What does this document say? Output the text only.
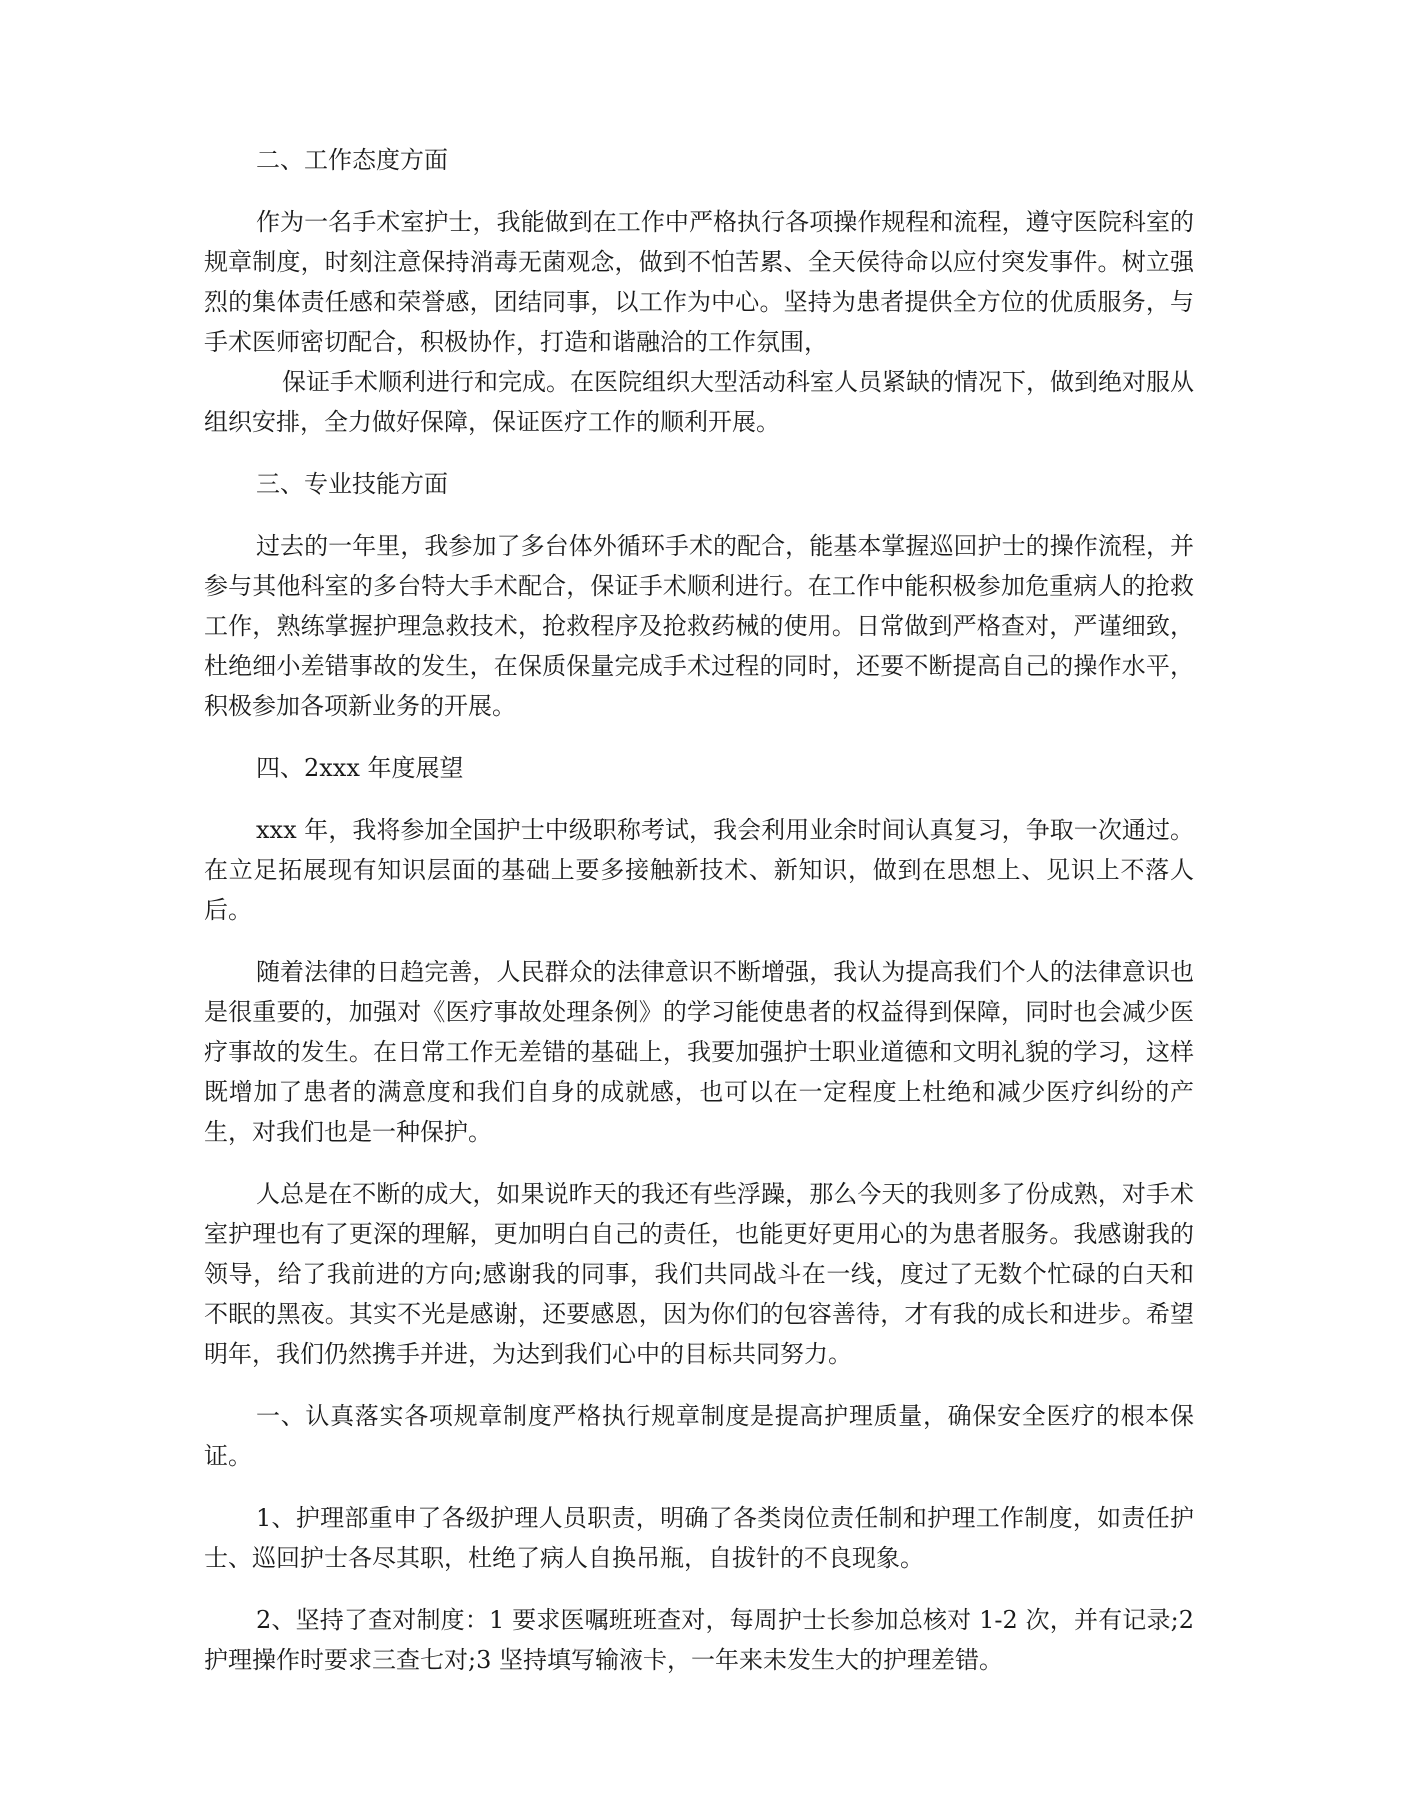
二、工作态度方面

作为一名手术室护士，我能做到在工作中严格执行各项操作规程和流程，遵守医院科室的规章制度，时刻注意保持消毒无菌观念，做到不怕苦累、全天侯待命以应付突发事件。树立强烈的集体责任感和荣誉感，团结同事，以工作为中心。坚持为患者提供全方位的优质服务，与手术医师密切配合，积极协作，打造和谐融洽的工作氛围，

保证手术顺利进行和完成。在医院组织大型活动科室人员紧缺的情况下，做到绝对服从组织安排，全力做好保障，保证医疗工作的顺利开展。

三、专业技能方面

过去的一年里，我参加了多台体外循环手术的配合，能基本掌握巡回护士的操作流程，并参与其他科室的多台特大手术配合，保证手术顺利进行。在工作中能积极参加危重病人的抢救工作，熟练掌握护理急救技术，抢救程序及抢救药械的使用。日常做到严格查对，严谨细致，杜绝细小差错事故的发生，在保质保量完成手术过程的同时，还要不断提高自己的操作水平，积极参加各项新业务的开展。

四、2xxx 年度展望

xxx 年，我将参加全国护士中级职称考试，我会利用业余时间认真复习，争取一次通过。在立足拓展现有知识层面的基础上要多接触新技术、新知识，做到在思想上、见识上不落人后。

随着法律的日趋完善，人民群众的法律意识不断增强，我认为提高我们个人的法律意识也是很重要的，加强对《医疗事故处理条例》的学习能使患者的权益得到保障，同时也会减少医疗事故的发生。在日常工作无差错的基础上，我要加强护士职业道德和文明礼貌的学习，这样既增加了患者的满意度和我们自身的成就感，也可以在一定程度上杜绝和减少医疗纠纷的产生，对我们也是一种保护。

人总是在不断的成大，如果说昨天的我还有些浮躁，那么今天的我则多了份成熟，对手术室护理也有了更深的理解，更加明白自己的责任，也能更好更用心的为患者服务。我感谢我的领导，给了我前进的方向;感谢我的同事，我们共同战斗在一线，度过了无数个忙碌的白天和不眠的黑夜。其实不光是感谢，还要感恩，因为你们的包容善待，才有我的成长和进步。希望明年，我们仍然携手并进，为达到我们心中的目标共同努力。

一、认真落实各项规章制度严格执行规章制度是提高护理质量，确保安全医疗的根本保证。

1、护理部重申了各级护理人员职责，明确了各类岗位责任制和护理工作制度，如责任护士、巡回护士各尽其职，杜绝了病人自换吊瓶，自拔针的不良现象。

2、坚持了查对制度：1 要求医嘱班班查对，每周护士长参加总核对 1-2 次，并有记录;2 护理操作时要求三查七对;3 坚持填写输液卡，一年来未发生大的护理差错。
